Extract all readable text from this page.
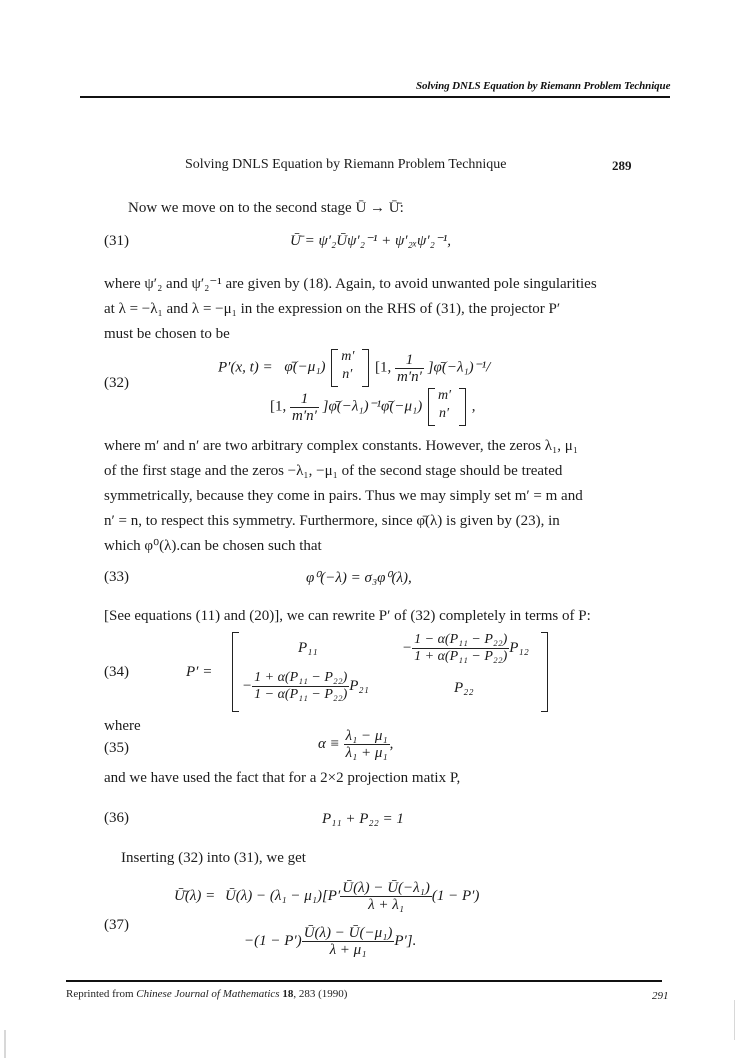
Solving DNLS Equation by Riemann Problem Technique
Solving DNLS Equation by Riemann Problem Technique	289
Now we move on to the second stage Ū → Ū̄:
(31)	Ū̄ = ψ′₂Ūψ′₂⁻¹ + ψ′₂ₓψ′₂⁻¹,
where ψ′₂ and ψ′₂⁻¹ are given by (18). Again, to avoid unwanted pole singularities
at λ = −λ₁ and λ = −μ₁ in the expression on the RHS of (31), the projector P′
must be chosen to be
(32)
P′(x, t) = φ̄(−μ₁)
m′
n′ [1, $\frac{1}{m'n'}$ ]φ̄(−λ₁)⁻¹/
[1, $\frac{1}{m'n'}$ ]φ̄(−λ₁)⁻¹φ̄(−μ₁)
m′
n′ ,
where m′ and n′ are two arbitrary complex constants. However, the zeros λ₁, μ₁
of the first stage and the zeros −λ₁, −μ₁ of the second stage should be treated
symmetrically, because they come in pairs. Thus we may simply set m′ = m and
n′ = n, to respect this symmetry. Furthermore, since φ̄(λ) is given by (23), in
which φ⁰(λ).can be chosen such that
(33)	φ⁰(−λ) = σ₃φ⁰(λ),
[See equations (11) and (20)], we can rewrite P′ of (32) completely in terms of P:
(34)	P′ =
P₁₁	− $\frac{\text{1 − α(P₁₁ − P₂₂)}}{\text{1 + α(P₁₁ − P₂₂)}} P_{12}$
− $\frac{\text{1 + α(P₁₁ − P₂₂)}}{\text{1 − α(P₁₁ − P₂₂)}} P_{21}$	P₂₂
where
(35)	$\alpha \equiv \frac{\text{λ₁ − μ₁}}{\text{λ₁ + μ₁}}$ ,
and we have used the fact that for a 2×2 projection matix P,
(36)	P₁₁ + P₂₂ = 1
Inserting (32) into (31), we get
(37)
Ū̄(λ) = Ū(λ) − $(\lambda_1 - \mu_1)[P' \frac{\text{Ū(λ) − Ū(−λ₁)}}{\text{λ + λ₁}} (1 - P')$
$-(1 - P') \frac{\text{Ū(λ) − Ū(−μ₁)}}{\text{λ + μ₁}} P'$].
Reprinted from Chinese Journal of Mathematics 18, 283 (1990)	291
